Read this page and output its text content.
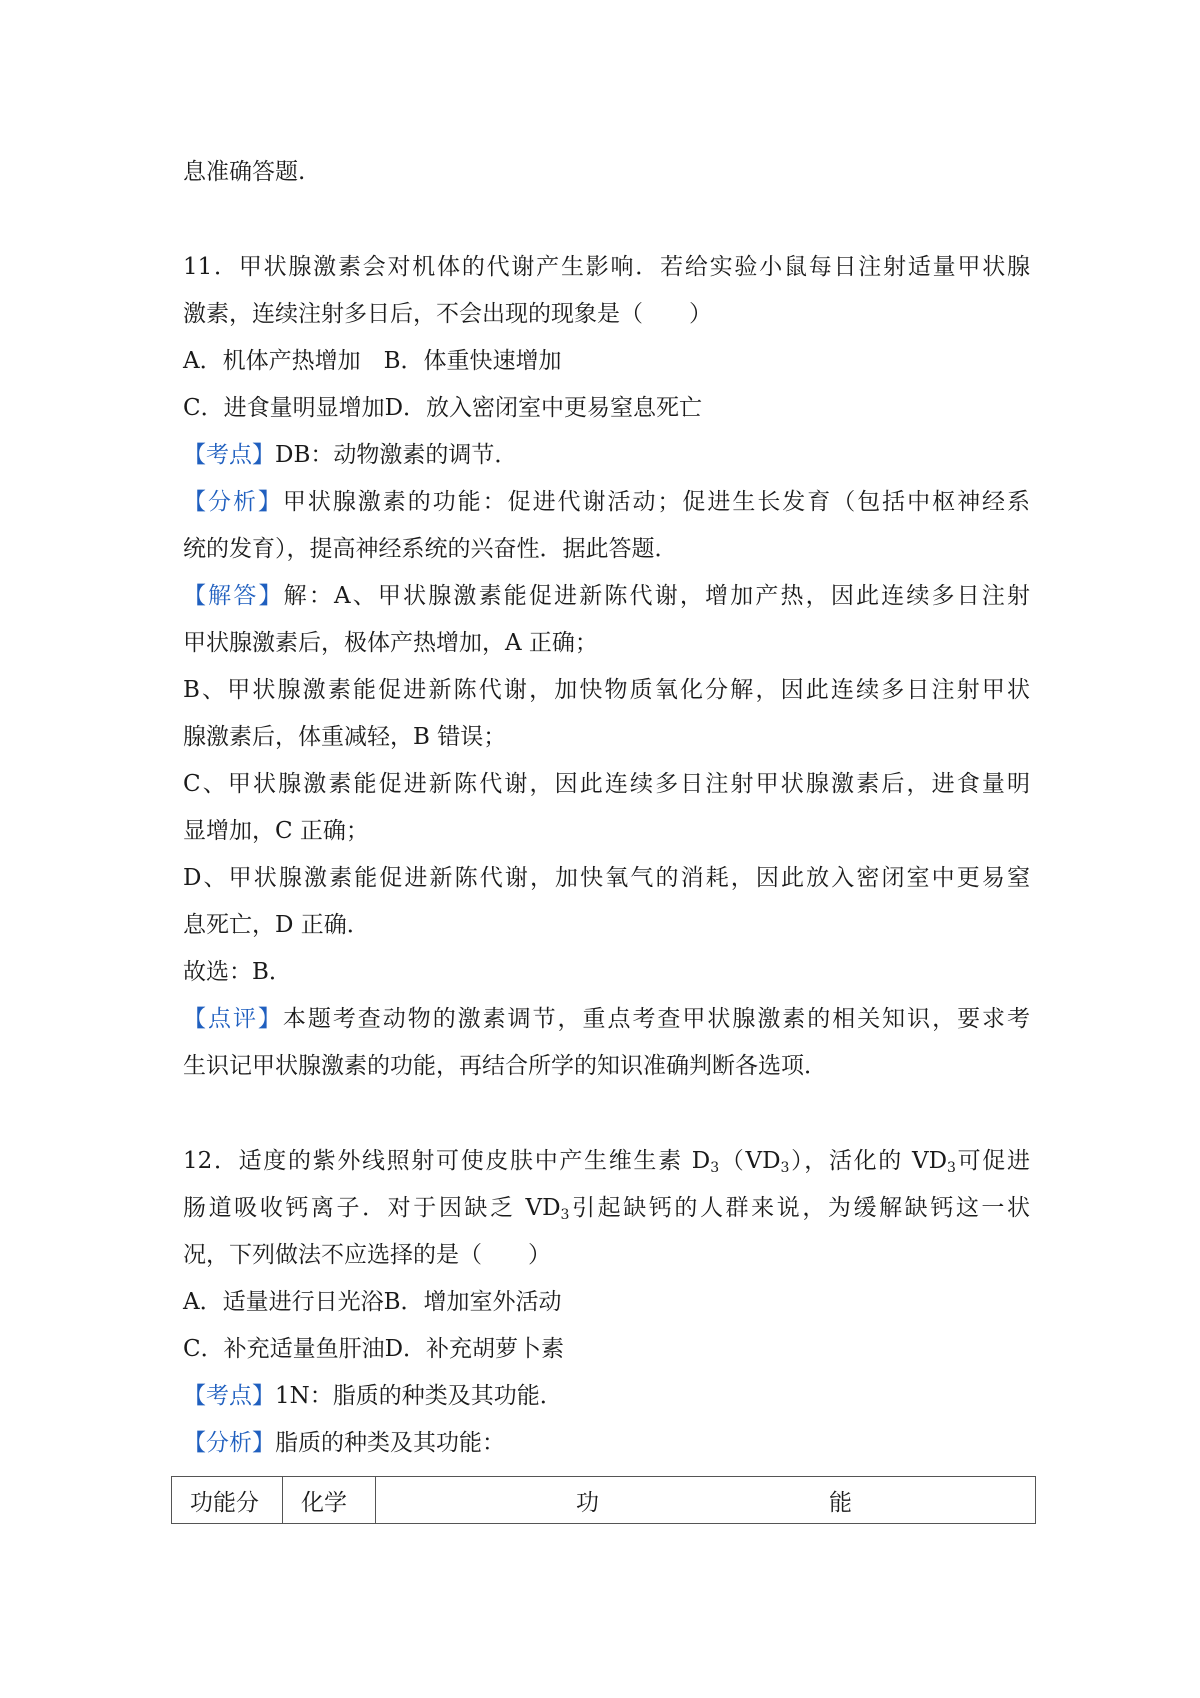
息准确答题.
11．甲状腺激素会对机体的代谢产生影响．若给实验小鼠每日注射适量甲状腺
激素，连续注射多日后，不会出现的现象是（　　）
A．机体产热增加　B．体重快速增加
C．进食量明显增加D．放入密闭室中更易窒息死亡
【考点】DB：动物激素的调节．
【分析】甲状腺激素的功能：促进代谢活动；促进生长发育（包括中枢神经系
统的发育），提高神经系统的兴奋性．据此答题．
【解答】解：A、甲状腺激素能促进新陈代谢，增加产热，因此连续多日注射
甲状腺激素后，极体产热增加，A 正确；
B、甲状腺激素能促进新陈代谢，加快物质氧化分解，因此连续多日注射甲状
腺激素后，体重减轻，B 错误；
C、甲状腺激素能促进新陈代谢，因此连续多日注射甲状腺激素后，进食量明
显增加，C 正确；
D、甲状腺激素能促进新陈代谢，加快氧气的消耗，因此放入密闭室中更易窒
息死亡，D 正确．
故选：B．
【点评】本题考查动物的激素调节，重点考查甲状腺激素的相关知识，要求考
生识记甲状腺激素的功能，再结合所学的知识准确判断各选项．
12．适度的紫外线照射可使皮肤中产生维生素 $D_3(VD_3)$，活化的 $VD_3$可促进
肠道吸收钙离子．对于因缺乏 $VD_3$引起缺钙的人群来说，为缓解缺钙这一状
况，下列做法不应选择的是（　　）
A．适量进行日光浴B．增加室外活动
C．补充适量鱼肝油D．补充胡萝卜素
【考点】1N：脂质的种类及其功能．
【分析】脂质的种类及其功能：
功能分	化学	功	能
